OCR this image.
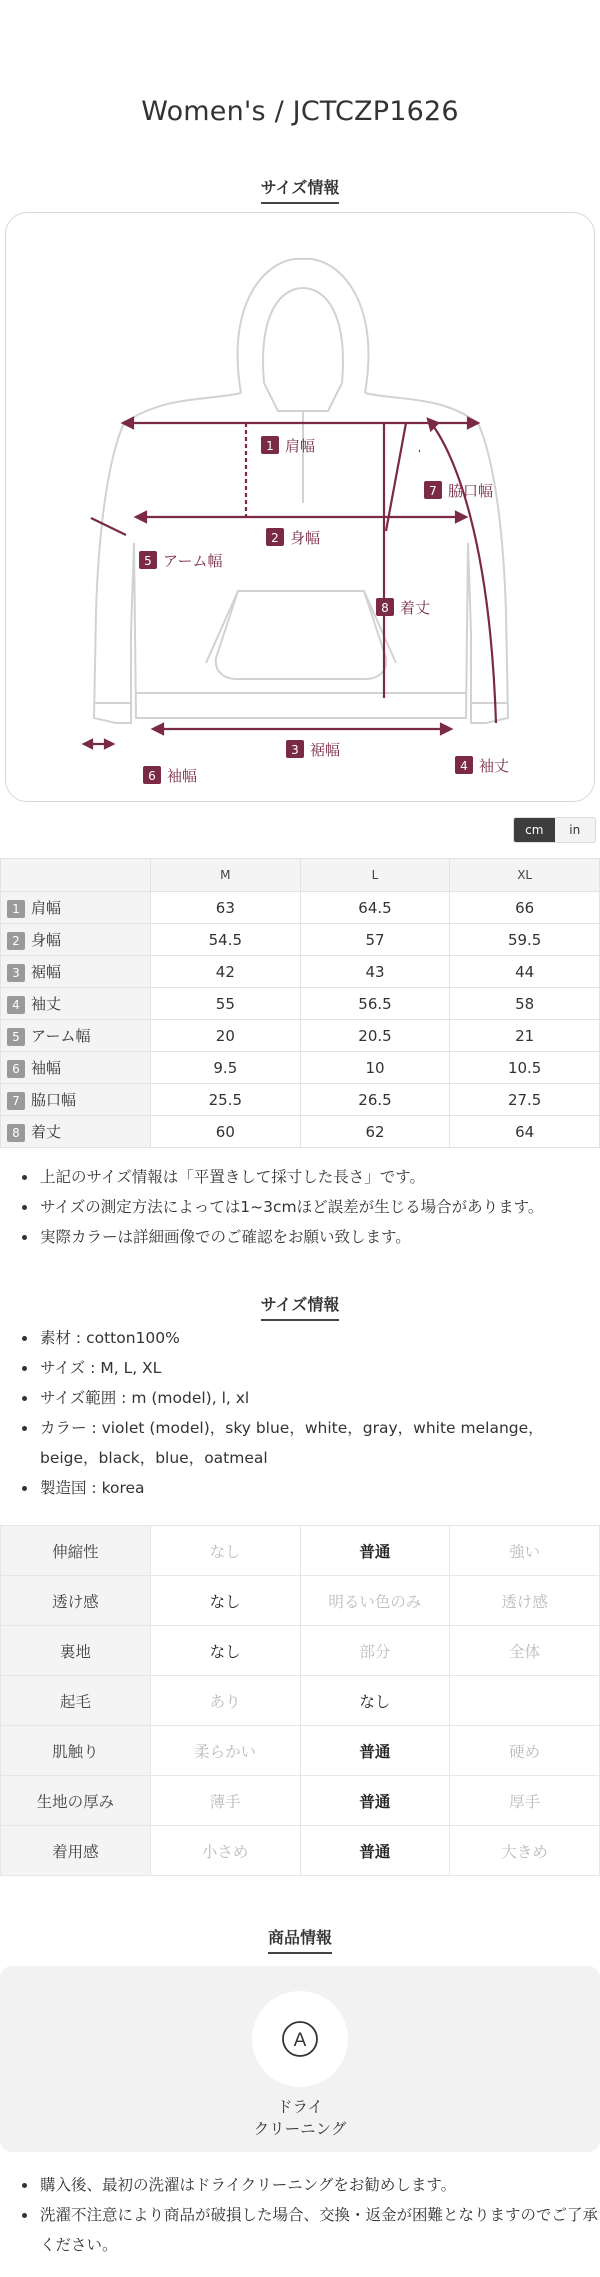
Women's / JCTCZP1626
サイズ情報
1 肩幅
2 身幅
3 裾幅
4 袖丈
5 アーム幅
6 袖幅
7 脇口幅
8 着丈
cm	in
	M	L	XL
1 肩幅	63	64.5	66
2 身幅	54.5	57	59.5
3 裾幅	42	43	44
4 袖丈	55	56.5	58
5 アーム幅	20	20.5	21
6 袖幅	9.5	10	10.5
7 脇口幅	25.5	26.5	27.5
8 着丈	60	62	64
上記のサイズ情報は「平置きして採寸した長さ」です。
サイズの測定方法によっては1~3cmほど誤差が生じる場合があります。
実際カラーは詳細画像でのご確認をお願い致します。
サイズ情報
素材 : cotton100%
サイズ : M, L, XL
サイズ範囲 : m (model), l, xl
カラー : violet (model)，sky blue，white，gray，white melange，beige，black，blue，oatmeal
製造国 : korea
伸縮性	なし	普通	強い
透け感	なし	明るい色のみ	透け感
裏地	なし	部分	全体
起毛	あり	なし	
肌触り	柔らかい	普通	硬め
生地の厚み	薄手	普通	厚手
着用感	小さめ	普通	大きめ
商品情報
A
ドライ
クリーニング
購入後、最初の洗濯はドライクリーニングをお勧めします。
洗濯不注意により商品が破損した場合、交換・返金が困難となりますのでご了承ください。
